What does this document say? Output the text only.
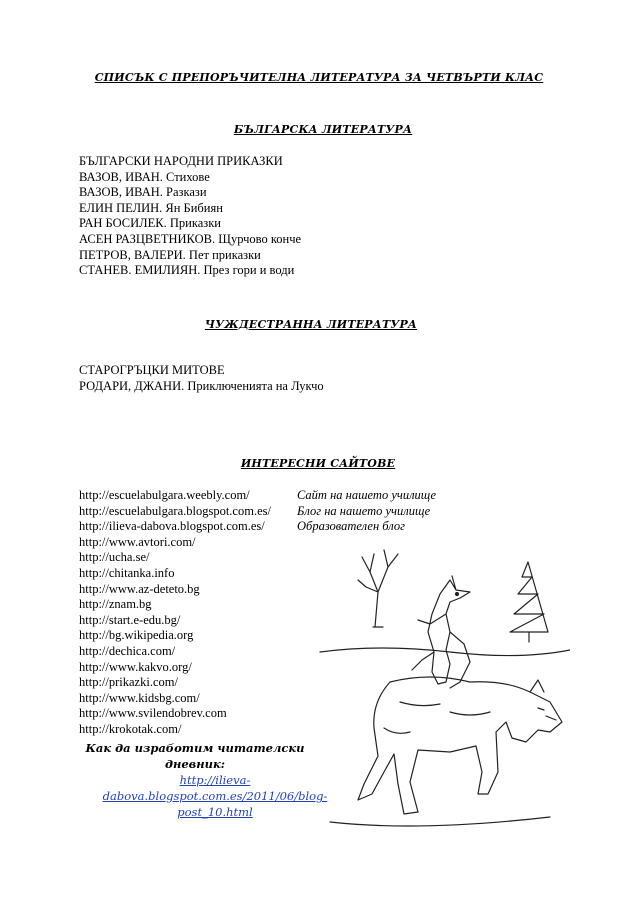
СПИСЪК С ПРЕПОРЪЧИТЕЛНА ЛИТЕРАТУРА ЗА ЧЕТВЪРТИ КЛАС
БЪЛГАРСКА ЛИТЕРАТУРА
БЪЛГАРСКИ НАРОДНИ ПРИКАЗКИ
ВАЗОВ, ИВАН. Стихове
ВАЗОВ, ИВАН. Разкази
ЕЛИН ПЕЛИН. Ян Бибиян
РАН БОСИЛЕК. Приказки
АСЕН РАЗЦВЕТНИКОВ. Щурчово конче
ПЕТРОВ, ВАЛЕРИ. Пет приказки
СТАНЕВ. ЕМИЛИЯН. През гори и води
ЧУЖДЕСТРАННА ЛИТЕРАТУРА
СТАРОГРЪЦКИ МИТОВЕ
РОДАРИ, ДЖАНИ. Приключенията на Лукчо
ИНТЕРЕСНИ САЙТОВЕ
http://escuelabulgara.weebly.com/
http://escuelabulgara.blogspot.com.es/
http://ilieva-dabova.blogspot.com.es/
http://www.avtori.com/
http://ucha.se/
http://chitanka.info
http://www.az-deteto.bg
http://znam.bg
http://start.e-edu.bg/
http://bg.wikipedia.org
http://dechica.com/
http://www.kakvo.org/
http://prikazki.com/
http://www.kidsbg.com/
http://www.svilendobrev.com
http://krokotak.com/
Сайт на нашето училище
Блог на нашето училище
Образователен блог
Как да изработим читателски дневник:
http://ilieva-dabova.blogspot.com.es/2011/06/blog-post_10.html
